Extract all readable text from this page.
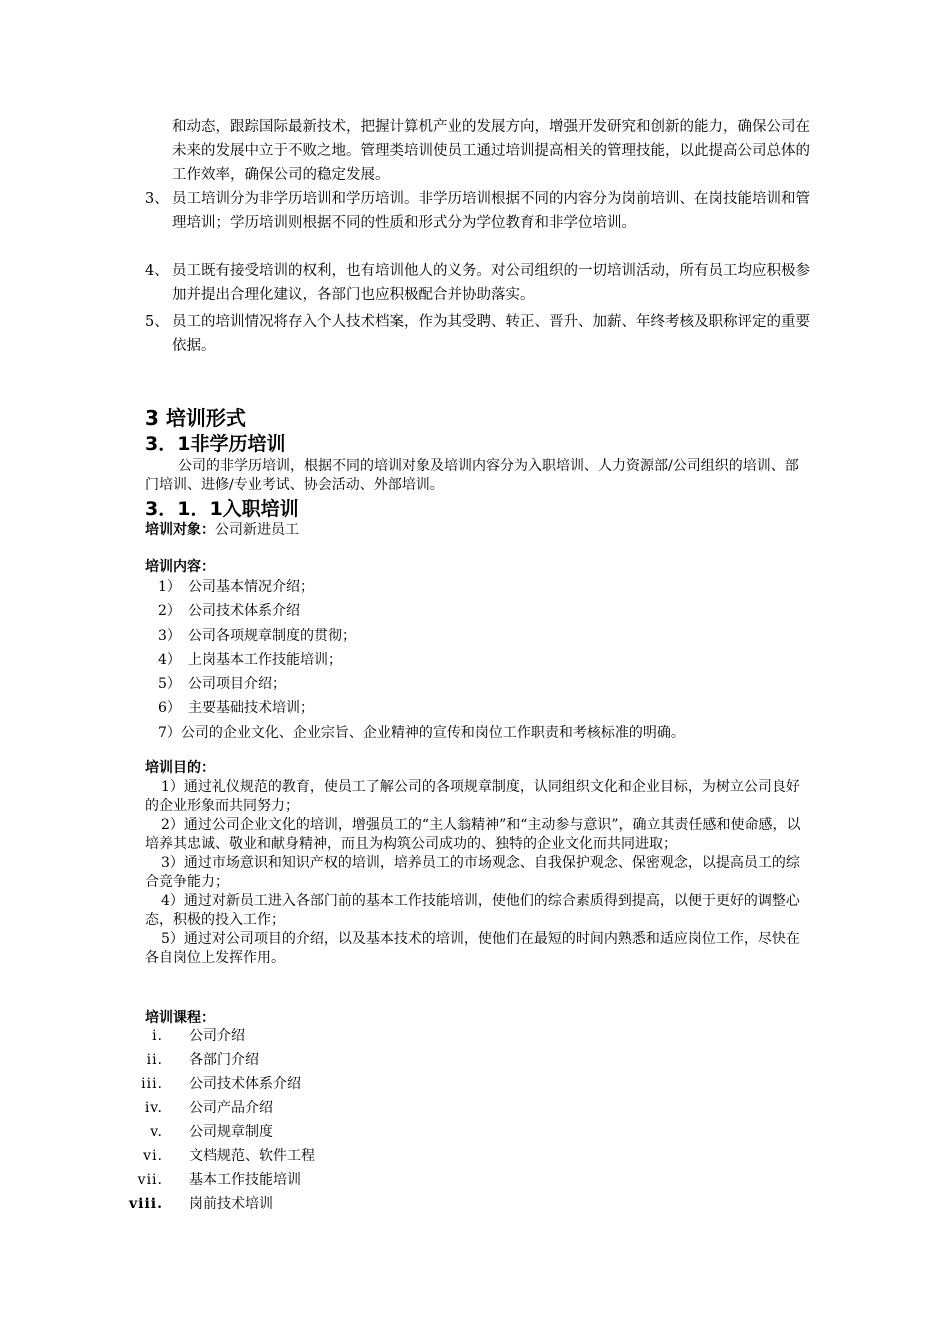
和动态，跟踪国际最新技术，把握计算机产业的发展方向，增强开发研究和创新的能力，确保公司在未来的发展中立于不败之地。管理类培训使员工通过培训提高相关的管理技能，以此提高公司总体的工作效率，确保公司的稳定发展。
3、 员工培训分为非学历培训和学历培训。非学历培训根据不同的内容分为岗前培训、在岗技能培训和管理培训；学历培训则根据不同的性质和形式分为学位教育和非学位培训。
4、 员工既有接受培训的权利，也有培训他人的义务。对公司组织的一切培训活动，所有员工均应积极参加并提出合理化建议，各部门也应积极配合并协助落实。
5、 员工的培训情况将存入个人技术档案，作为其受聘、转正、晋升、加薪、年终考核及职称评定的重要依据。
3 培训形式
3．1非学历培训
公司的非学历培训，根据不同的培训对象及培训内容分为入职培训、人力资源部/公司组织的培训、部门培训、进修/专业考试、协会活动、外部培训。
3．1．1入职培训
培训对象：公司新进员工
培训内容：
1） 公司基本情况介绍；
2） 公司技术体系介绍
3） 公司各项规章制度的贯彻；
4） 上岗基本工作技能培训；
5） 公司项目介绍；
6） 主要基础技术培训；
7）公司的企业文化、企业宗旨、企业精神的宣传和岗位工作职责和考核标准的明确。
培训目的：
1）通过礼仪规范的教育，使员工了解公司的各项规章制度，认同组织文化和企业目标，为树立公司良好的企业形象而共同努力；
2）通过公司企业文化的培训，增强员工的“主人翁精神”和“主动参与意识”，确立其责任感和使命感，以培养其忠诚、敬业和献身精神，而且为构筑公司成功的、独特的企业文化而共同进取；
3）通过市场意识和知识产权的培训，培养员工的市场观念、自我保护观念、保密观念，以提高员工的综合竞争能力；
4）通过对新员工进入各部门前的基本工作技能培训，使他们的综合素质得到提高，以便于更好的调整心态，积极的投入工作；
5）通过对公司项目的介绍，以及基本技术的培训，使他们在最短的时间内熟悉和适应岗位工作，尽快在各自岗位上发挥作用。
培训课程：
i. 公司介绍
ii. 各部门介绍
iii. 公司技术体系介绍
iv. 公司产品介绍
v. 公司规章制度
vi. 文档规范、软件工程
vii. 基本工作技能培训
viii. 岗前技术培训
